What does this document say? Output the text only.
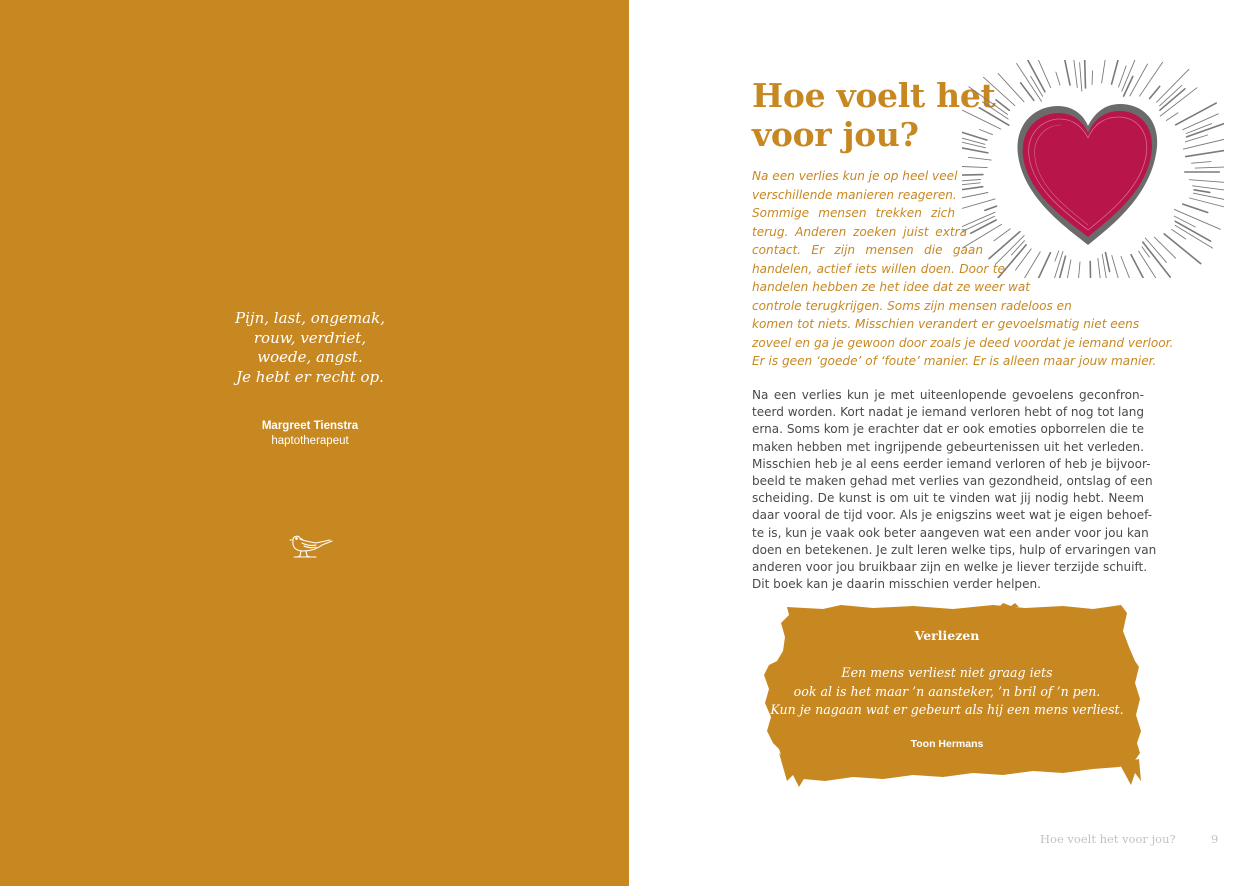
Pijn, last, ongemak,
rouw, verdriet,
woede, angst.
Je hebt er recht op.
Margreet Tienstra
haptotherapeut
Hoe voelt het
voor jou?
Na een verlies kun je op heel veel
verschillende manieren reageren.
Sommige mensen trekken zich
terug. Anderen zoeken juist extra
contact. Er zijn mensen die gaan
handelen, actief iets willen doen. Door te
handelen hebben ze het idee dat ze weer wat
controle terugkrijgen. Soms zijn mensen radeloos en
komen tot niets. Misschien verandert er gevoelsmatig niet eens
zoveel en ga je gewoon door zoals je deed voordat je iemand verloor.
Er is geen ‘goede’ of ‘foute’ manier. Er is alleen maar jouw manier.
Na een verlies kun je met uiteenlopende gevoelens geconfron-
teerd worden. Kort nadat je iemand verloren hebt of nog tot lang
erna. Soms kom je erachter dat er ook emoties opborrelen die te
maken hebben met ingrijpende gebeurtenissen uit het verleden.
Misschien heb je al eens eerder iemand verloren of heb je bijvoor-
beeld te maken gehad met verlies van gezondheid, ontslag of een
scheiding. De kunst is om uit te vinden wat jij nodig hebt. Neem
daar vooral de tijd voor. Als je enigszins weet wat je eigen behoef-
te is, kun je vaak ook beter aangeven wat een ander voor jou kan
doen en betekenen. Je zult leren welke tips, hulp of ervaringen van
anderen voor jou bruikbaar zijn en welke je liever terzijde schuift.
Dit boek kan je daarin misschien verder helpen.
Verliezen
Een mens verliest niet graag iets
ook al is het maar ’n aansteker, ’n bril of ’n pen.
Kun je nagaan wat er gebeurt als hij een mens verliest.
Toon Hermans
Hoe voelt het voor jou?	9
